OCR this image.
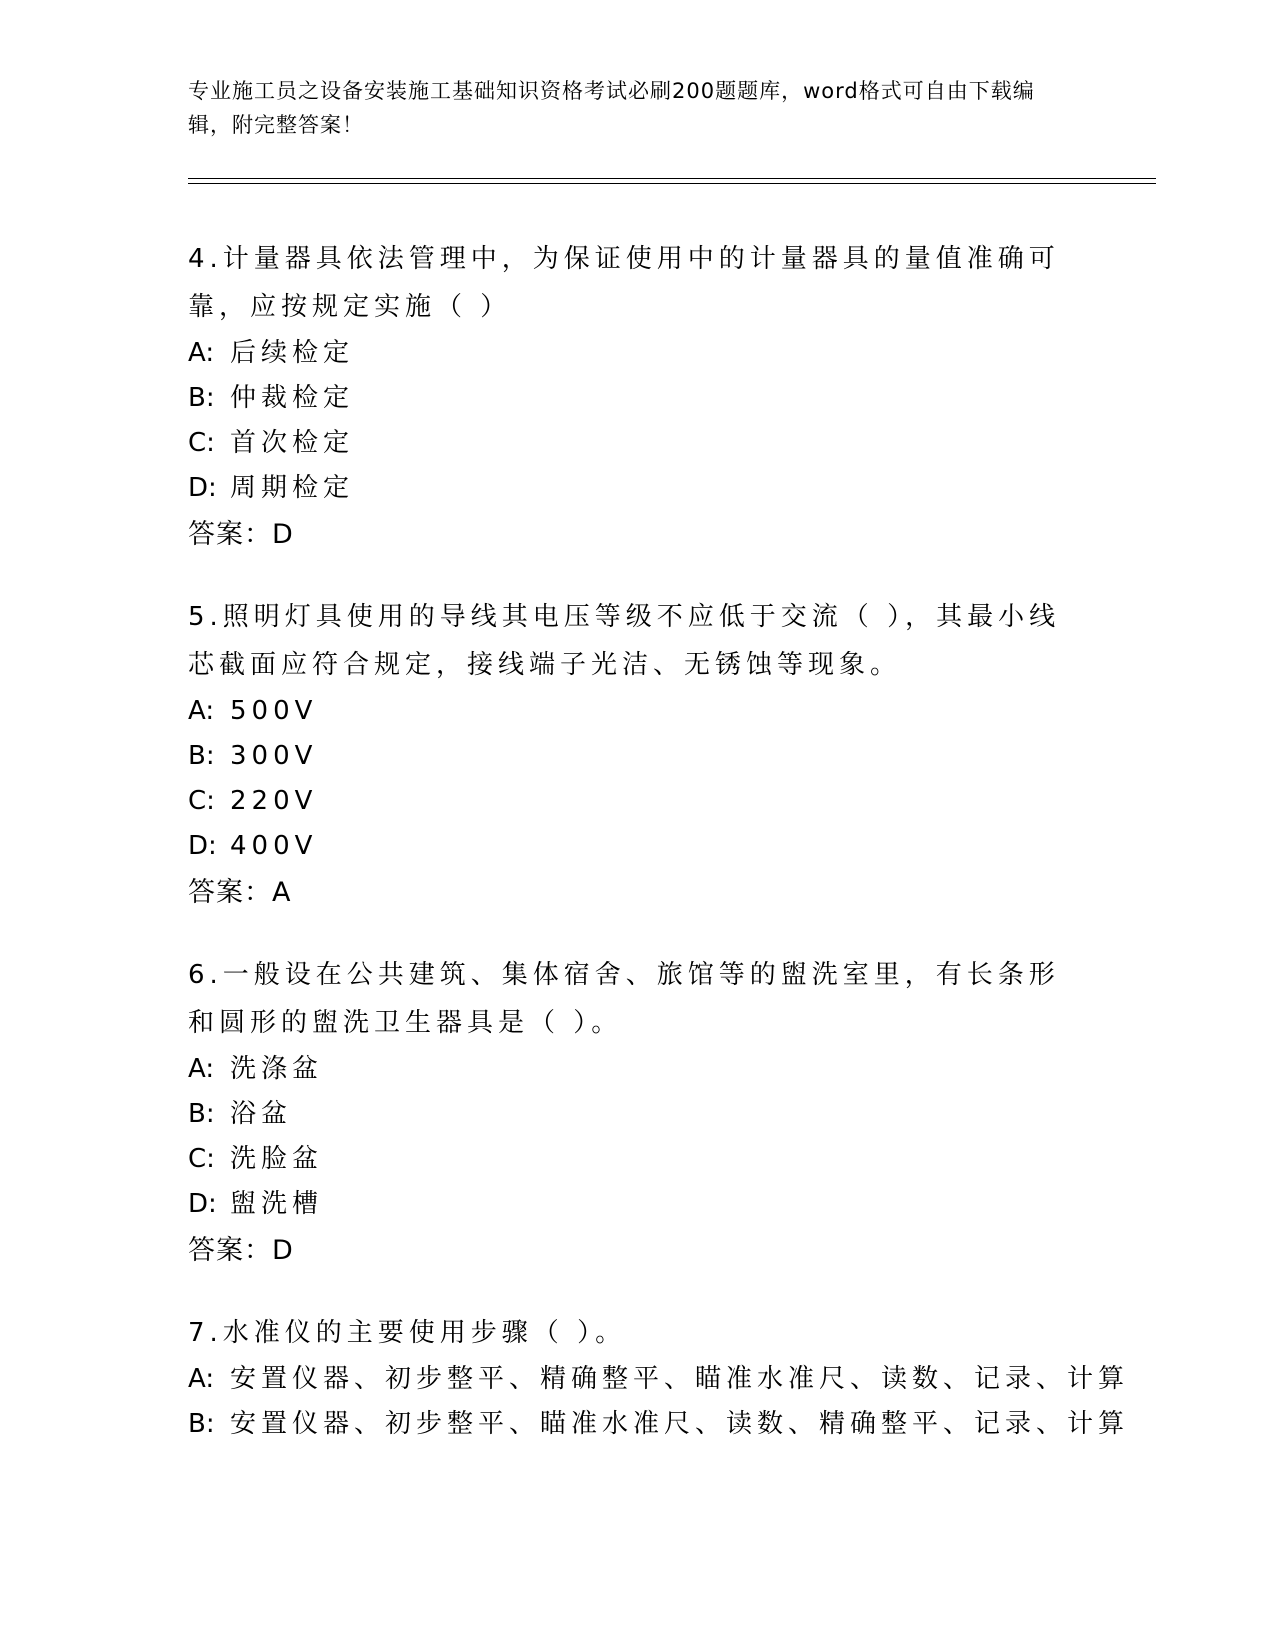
专业施工员之设备安装施工基础知识资格考试必刷200题题库，word格式可自由下载编辑，附完整答案！

4.计量器具依法管理中，为保证使用中的计量器具的量值准确可靠，应按规定实施（ ）

A: 后续检定
B: 仲裁检定
C: 首次检定
D: 周期检定
答案：D

5.照明灯具使用的导线其电压等级不应低于交流（ ），其最小线芯截面应符合规定，接线端子光洁、无锈蚀等现象。

A: 500V
B: 300V
C: 220V
D: 400V
答案：A

6.一般设在公共建筑、集体宿舍、旅馆等的盥洗室里，有长条形和圆形的盥洗卫生器具是（ ）。

A: 洗涤盆
B: 浴盆
C: 洗脸盆
D: 盥洗槽
答案：D

7.水准仪的主要使用步骤（ ）。

A: 安置仪器、初步整平、精确整平、瞄准水准尺、读数、记录、计算
B: 安置仪器、初步整平、瞄准水准尺、读数、精确整平、记录、计算
